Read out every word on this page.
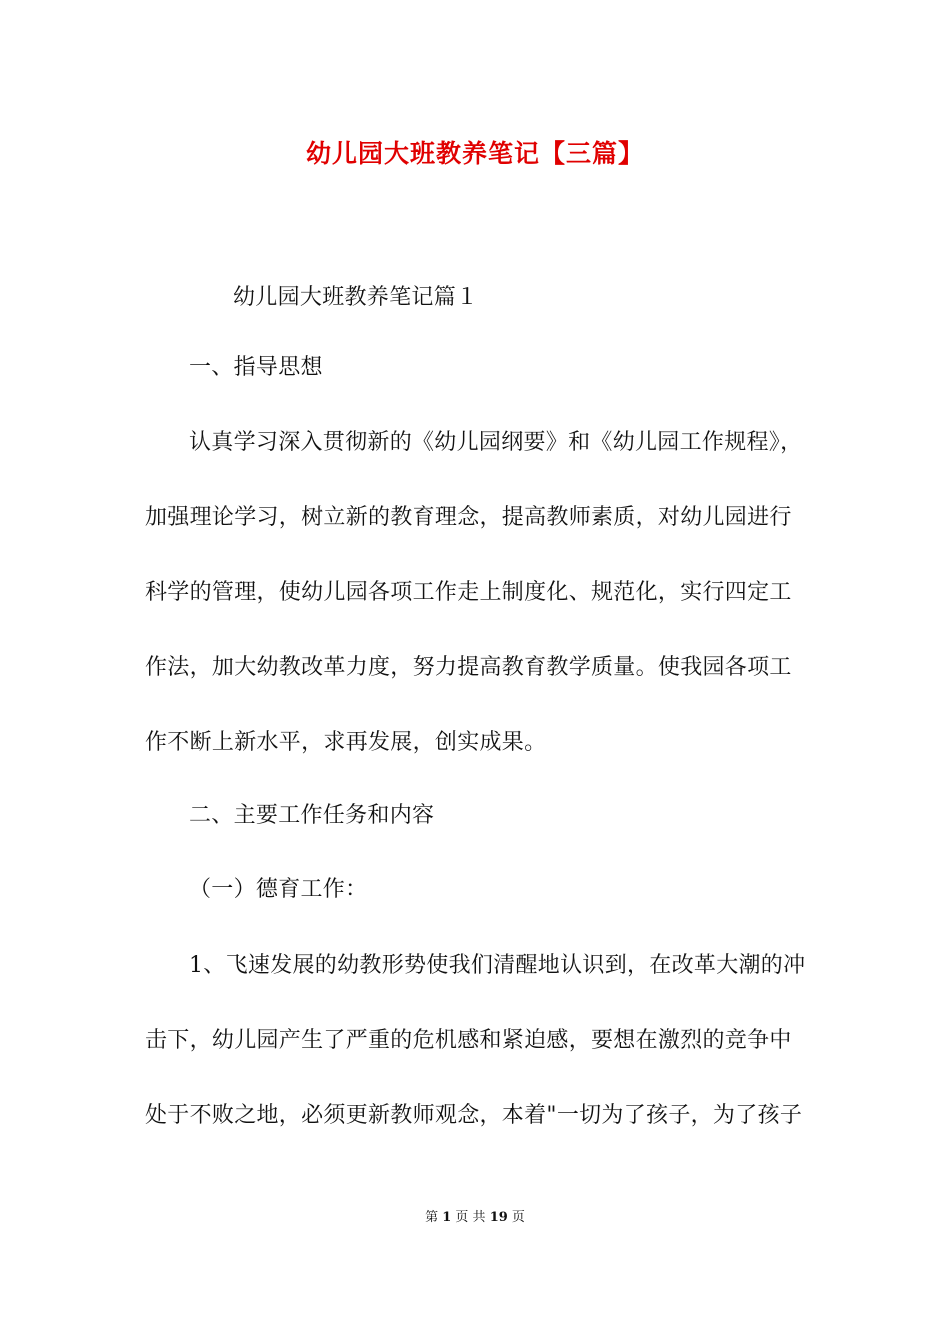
幼儿园大班教养笔记【三篇】
幼儿园大班教养笔记篇１
一、指导思想
认真学习深入贯彻新的《幼儿园纲要》和《幼儿园工作规程》，
加强理论学习，树立新的教育理念，提高教师素质，对幼儿园进行
科学的管理，使幼儿园各项工作走上制度化、规范化，实行四定工
作法，加大幼教改革力度，努力提高教育教学质量。使我园各项工
作不断上新水平，求再发展，创实成果。
二、主要工作任务和内容
（一）德育工作：
1、飞速发展的幼教形势使我们清醒地认识到，在改革大潮的冲
击下，幼儿园产生了严重的危机感和紧迫感，要想在激烈的竞争中
处于不败之地，必须更新教师观念，本着"一切为了孩子，为了孩子
第 1 页 共 19 页
